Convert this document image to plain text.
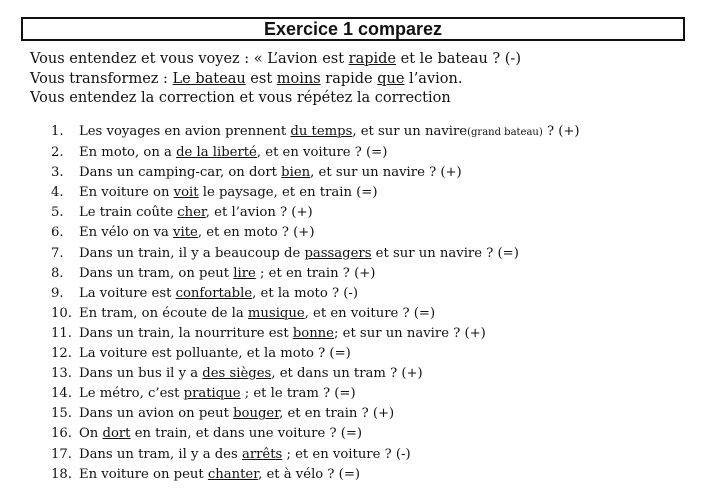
Exercice 1 comparez
Vous entendez et vous voyez : « L’avion est rapide et le bateau ? (-)
Vous transformez : Le bateau est moins rapide que l’avion.
Vous entendez la correction et vous répétez la correction
1.	Les voyages en avion prennent du temps, et sur un navire(grand bateau) ? (+)
2.	En moto, on a de la liberté, et en voiture ? (=)
3.	Dans un camping-car, on dort bien, et sur un navire ? (+)
4.	En voiture on voit le paysage, et en train (=)
5.	Le train coûte cher, et l’avion ? (+)
6.	En vélo on va vite, et en moto ? (+)
7.	Dans un train, il y a beaucoup de passagers et sur un navire ? (=)
8.	Dans un tram, on peut lire ; et en train ? (+)
9.	La voiture est confortable, et la moto ? (-)
10. En tram, on écoute de la musique, et en voiture ? (=)
11. Dans un train, la nourriture est bonne; et sur un navire ? (+)
12. La voiture est polluante, et la moto ? (=)
13. Dans un bus il y a des sièges, et dans un tram ? (+)
14. Le métro, c’est pratique ; et le tram ? (=)
15. Dans un avion on peut bouger, et en train ? (+)
16. On dort en train, et dans une voiture ? (=)
17. Dans un tram, il y a des arrêts ; et en voiture ? (-)
18. En voiture on peut chanter, et à vélo ? (=)
